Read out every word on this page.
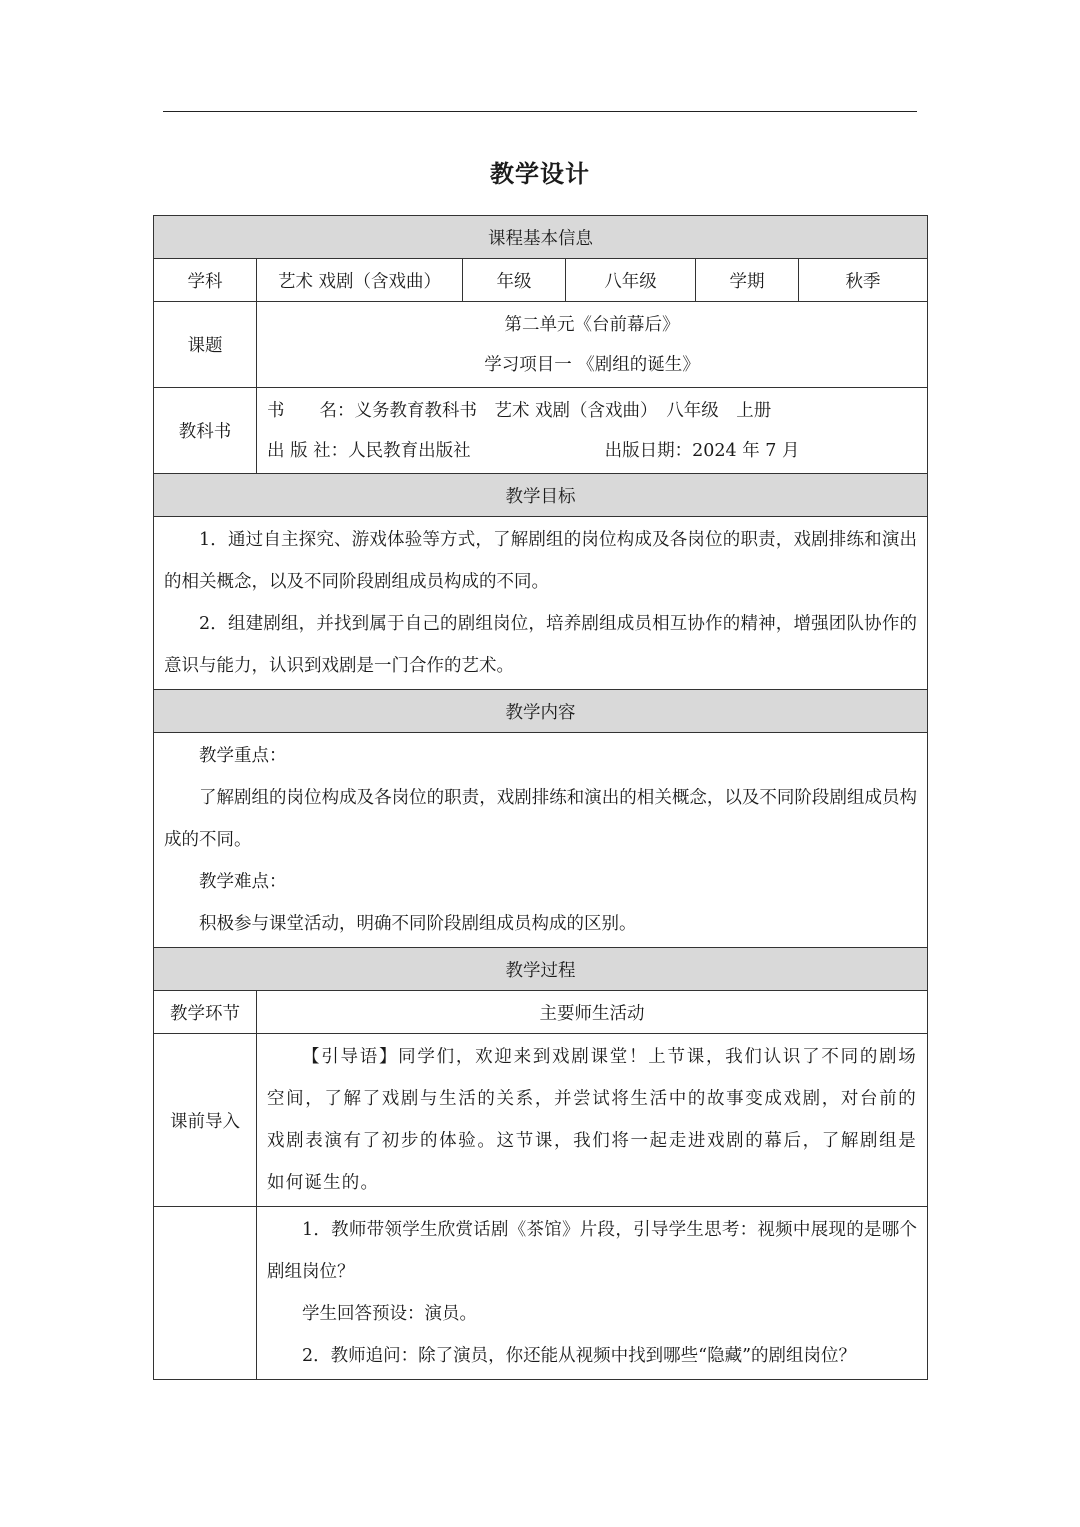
教学设计
课程基本信息					
学科	艺术 戏剧（含戏曲）	年级	八年级	学期	秋季
课题	第二单元《台前幕后》
学习项目一 《剧组的诞生》				

教科书	书　　名：义务教育教科书　艺术 戏剧（含戏曲）　八年级　上册
出 版 社：人民教育出版社 出版日期：2024 年 7 月				

教学目标					

1．通过自主探究、游戏体验等方式，了解剧组的岗位构成及各岗位的职责，戏剧排练和演出的相关概念，以及不同阶段剧组成员构成的不同。

2．组建剧组，并找到属于自己的剧组岗位，培养剧组成员相互协作的精神，增强团队协作的意识与能力，认识到戏剧是一门合作的艺术。					

教学内容					

教学重点：

了解剧组的岗位构成及各岗位的职责，戏剧排练和演出的相关概念，以及不同阶段剧组成员构成的不同。

教学难点：

积极参与课堂活动，明确不同阶段剧组成员构成的区别。					

教学过程					
教学环节	主要师生活动				
课前导入	【引导语】同学们，欢迎来到戏剧课堂！上节课，我们认识了不同的剧场空间，了解了戏剧与生活的关系，并尝试将生活中的故事变成戏剧，对台前的戏剧表演有了初步的体验。这节课，我们将一起走进戏剧的幕后，了解剧组是如何诞生的。				

	1．教师带领学生欣赏话剧《茶馆》片段，引导学生思考：视频中展现的是哪个剧组岗位？

学生回答预设：演员。

2．教师追问：除了演员，你还能从视频中找到哪些“隐藏”的剧组岗位？				
